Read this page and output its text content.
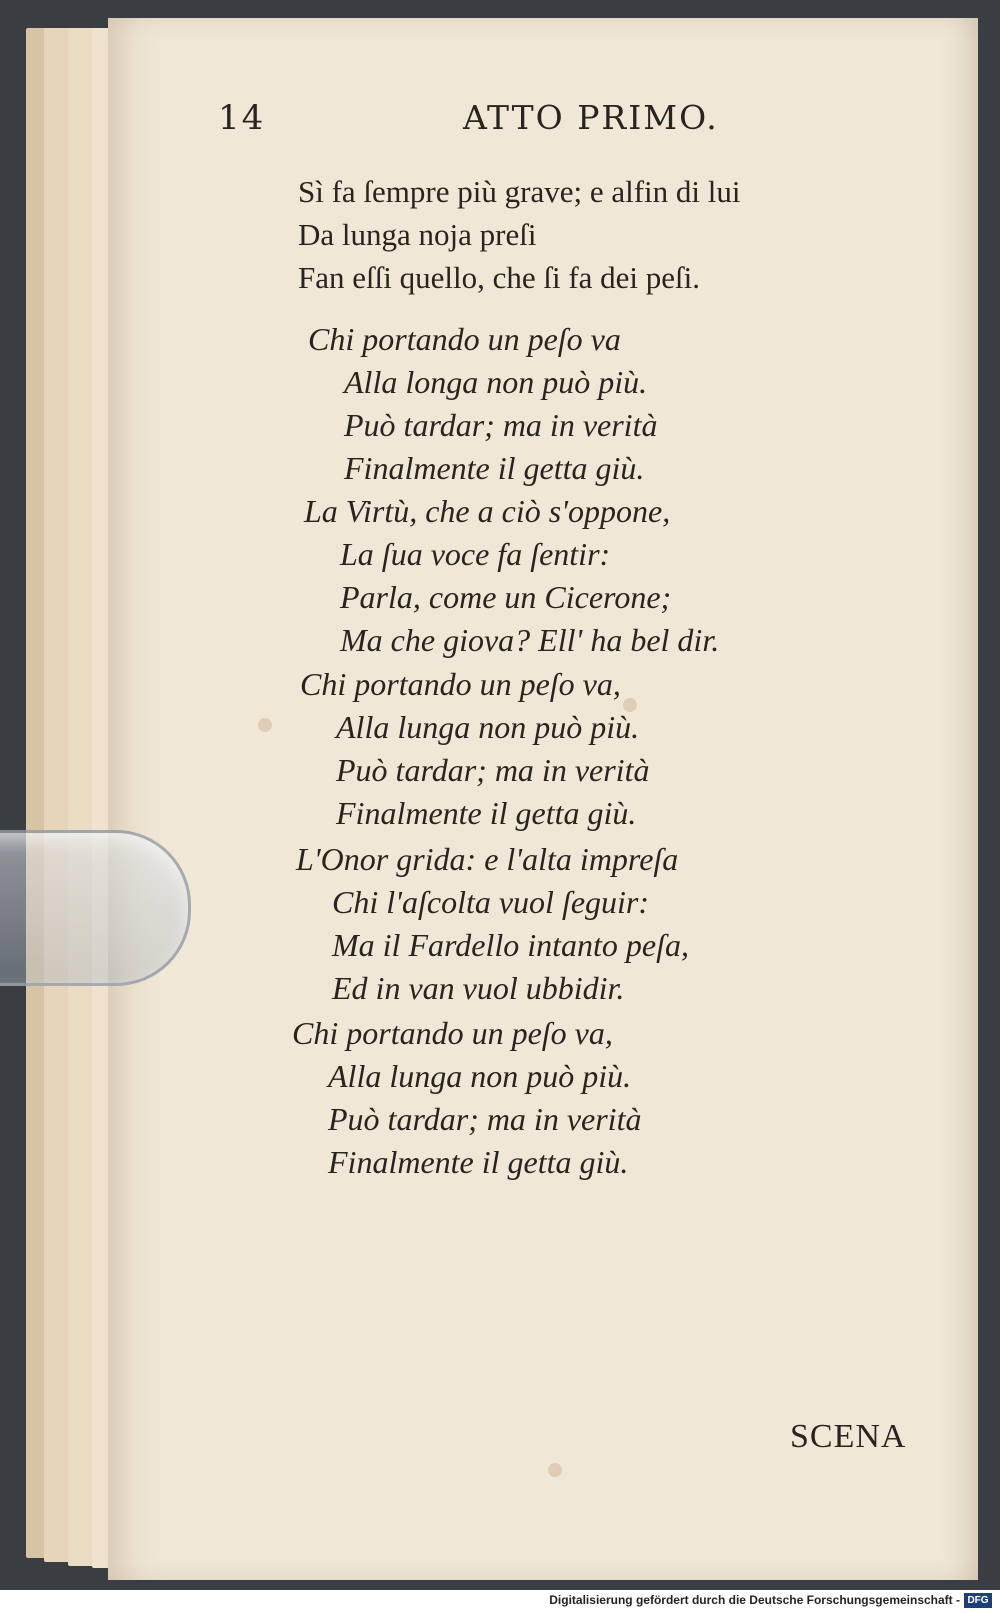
14	ATTO PRIMO.
Sì fa ſempre più grave; e alfin di lui
Da lunga noja preſi
Fan eſſi quello, che ſi fa dei peſi.
Chi portando un peſo va
Alla longa non può più.
Può tardar; ma in verità
Finalmente il getta giù.
La Virtù, che a ciò s'oppone,
La ſua voce fa ſentir:
Parla, come un Cicerone;
Ma che giova? Ell' ha bel dir.
Chi portando un peſo va,
Alla lunga non può più.
Può tardar; ma in verità
Finalmente il getta giù.
L'Onor grida: e l'alta impreſa
Chi l'aſcolta vuol ſeguir:
Ma il Fardello intanto peſa,
Ed in van vuol ubbidir.
Chi portando un peſo va,
Alla lunga non può più.
Può tardar; ma in verità
Finalmente il getta giù.
SCENA
Digitalisierung gefördert durch die Deutsche Forschungsgemeinschaft - DFG
